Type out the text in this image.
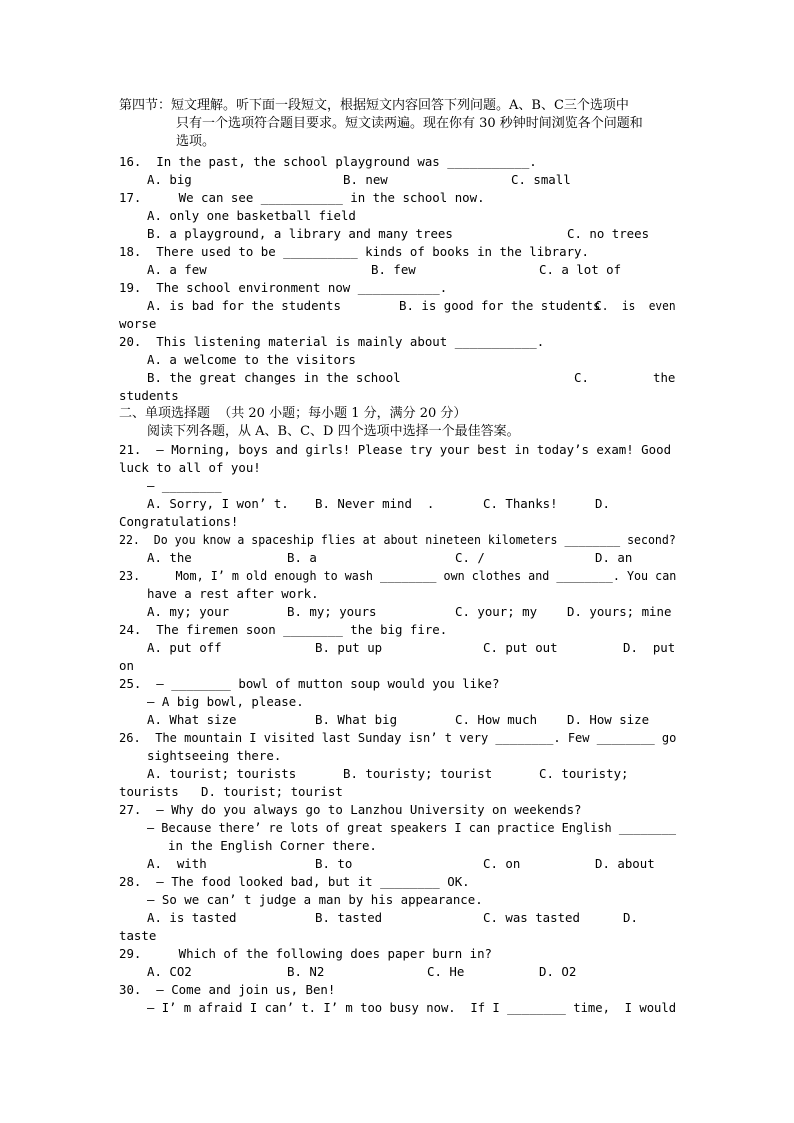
第四节：短文理解。听下面一段短文，根据短文内容回答下列问题。A、B、C三个选项中
只有一个选项符合题目要求。短文读两遍。现在你有 30 秒钟时间浏览各个问题和
选项。
16.  In the past, the school playground was ___________.
A. big	B. new	C. small
17.     We can see ___________ in the school now.
A. only one basketball field
B. a playground, a library and many trees	C. no trees
18.  There used to be __________ kinds of books in the library.
A. a few	B. few	C. a lot of
19.  The school environment now ___________.
A. is bad for the students	B. is good for the students
C.  is  even
worse
20.  This listening material is mainly about ___________.
A. a welcome to the visitors
B. the great changes in the school	C.	the
students
二、单项选择题  （共 20 小题；每小题 1 分，满分 20 分）
阅读下列各题，从 A、B、C、D 四个选项中选择一个最佳答案。
21.  — Morning, boys and girls! Please try your best in today’s exam! Good
luck to all of you!
— ________
A. Sorry, I won’ t. B. Never mind  .	C. Thanks!	D.
Congratulations!
22.  Do you know a spaceship flies at about nineteen kilometers ________ second?
A. the	B. a	C. /	D. an
23.     Mom, I’ m old enough to wash ________ own clothes and ________. You can
have a rest after work.
A. my; your	B. my; yours	C. your; my D. yours; mine
24.  The firemen soon ________ the big fire.
A. put off	B. put up	C. put out	D.  put
on
25.  — ________ bowl of mutton soup would you like?
— A big bowl, please.
A. What size	B. What big	C. How much D. How size
26.  The mountain I visited last Sunday isn’ t very ________. Few ________ go
sightseeing there.
A. tourist; tourists	B. touristy; tourist	C. touristy;
tourists   D. tourist; tourist
27.  — Why do you always go to Lanzhou University on weekends?
— Because there’ re lots of great speakers I can practice English ________
in the English Corner there.
A.  with	B. to	C. on	D. about
28.  — The food looked bad, but it ________ OK.
— So we can’ t judge a man by his appearance.
A. is tasted	B. tasted	C. was tasted	D.
taste
29.     Which of the following does paper burn in?
A. CO2	B. N2	C. He	D. O2
30.  — Come and join us, Ben!
— I’ m afraid I can’ t. I’ m too busy now.  If I ________ time,  I would
